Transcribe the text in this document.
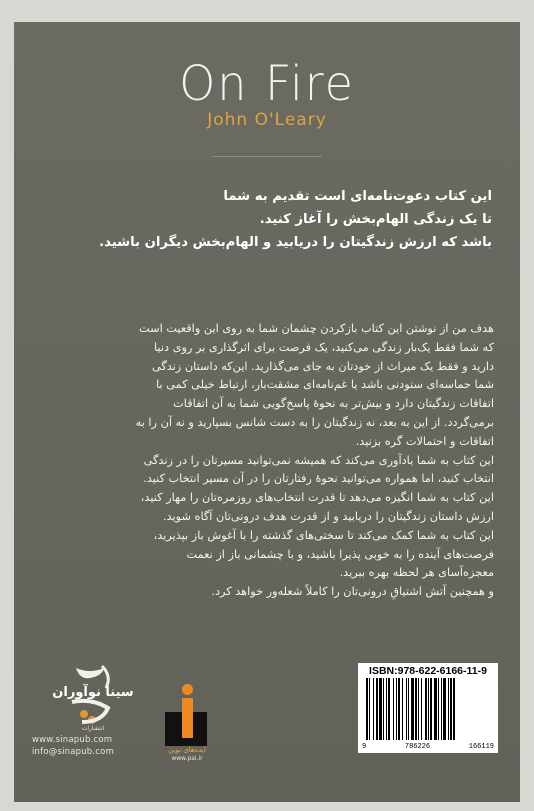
On Fire
John O'Leary
این کتاب دعوت‌نامه‌ای است تقدیم به شما
تا یک زندگی الهام‌بخش را آغاز کنید.
باشد که ارزش زندگیتان را دریابید و الهام‌بخش دیگران باشید.
هدف من از نوشتن این کتاب بازکردن چشمان شما به روی این واقعیت است
که شما فقط یک‌بار زندگی می‌کنید، یک فرصت برای اثرگذاری بر روی دنیا
دارید و فقط یک میراث از خودتان به جای می‌گذارید. این‌که داستان زندگی
شما حماسه‌ای ستودنی باشد یا غم‌نامه‌ای مشقت‌بار، ارتباط خیلی کمی با
اتفاقات زندگیتان دارد و بیش‌تر به نحوهٔ پاسخ‌گویی شما به آن اتفاقات
برمی‌گردد. از این به بعد، نه زندگیتان را به دست شانس بسپارید و نه آن را به
اتفاقات و احتمالات گره بزنید.
این کتاب به شما یادآوری می‌کند که همیشه نمی‌توانید مسیرتان را در زندگی
انتخاب کنید، اما همواره می‌توانید نحوهٔ رفتارتان را در آن مسیر انتخاب کنید.
این کتاب به شما انگیزه می‌دهد تا قدرت انتخاب‌های روزمره‌تان را مهار کنید،
ارزش داستان زندگیتان را دریابید و از قدرت هدف درونی‌تان آگاه شوید.
این کتاب به شما کمک می‌کند تا سختی‌های گذشته را با آغوش باز بپذیرید،
فرصت‌های آینده را به خوبی پذیرا باشید، و با چشمانی باز از نعمت
معجزه‌آسای هر لحظه بهره ببرید.
و همچنین آتش اشتیاقِ درونی‌تان را کاملاً شعله‌ور خواهد کرد.
سینا نوآوران
انتشارات
www.sinapub.com
info@sinapub.com	ایده‌های نوین
www.pai.ir
ISBN:978-622-6166-11-9
9	786226	166119
